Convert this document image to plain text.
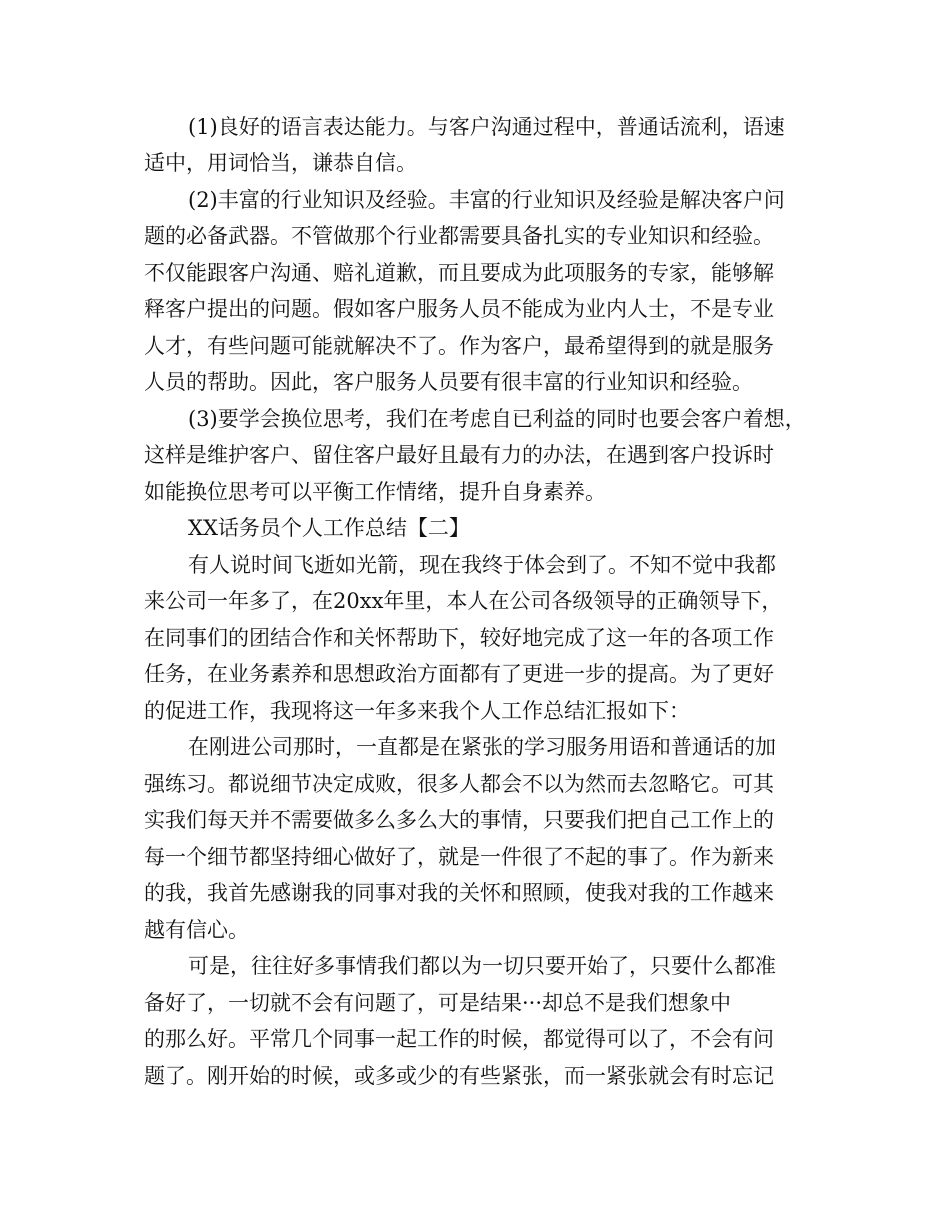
(1)良好的语言表达能力。与客户沟通过程中，普通话流利，语速
适中，用词恰当，谦恭自信。
(2)丰富的行业知识及经验。丰富的行业知识及经验是解决客户问
题的必备武器。不管做那个行业都需要具备扎实的专业知识和经验。
不仅能跟客户沟通、赔礼道歉，而且要成为此项服务的专家，能够解
释客户提出的问题。假如客户服务人员不能成为业内人士，不是专业
人才，有些问题可能就解决不了。作为客户，最希望得到的就是服务
人员的帮助。因此，客户服务人员要有很丰富的行业知识和经验。
(3)要学会换位思考，我们在考虑自已利益的同时也要会客户着想，
这样是维护客户、留住客户最好且最有力的办法，在遇到客户投诉时
如能换位思考可以平衡工作情绪，提升自身素养。
XX话务员个人工作总结【二】
有人说时间飞逝如光箭，现在我终于体会到了。不知不觉中我都
来公司一年多了，在20xx年里，本人在公司各级领导的正确领导下，
在同事们的团结合作和关怀帮助下，较好地完成了这一年的各项工作
任务，在业务素养和思想政治方面都有了更进一步的提高。为了更好
的促进工作，我现将这一年多来我个人工作总结汇报如下：
在刚进公司那时，一直都是在紧张的学习服务用语和普通话的加
强练习。都说细节决定成败，很多人都会不以为然而去忽略它。可其
实我们每天并不需要做多么多么大的事情，只要我们把自己工作上的
每一个细节都坚持细心做好了，就是一件很了不起的事了。作为新来
的我，我首先感谢我的同事对我的关怀和照顾，使我对我的工作越来
越有信心。
可是，往往好多事情我们都以为一切只要开始了，只要什么都准
备好了，一切就不会有问题了，可是结果···却总不是我们想象中
的那么好。平常几个同事一起工作的时候，都觉得可以了，不会有问
题了。刚开始的时候，或多或少的有些紧张，而一紧张就会有时忘记
